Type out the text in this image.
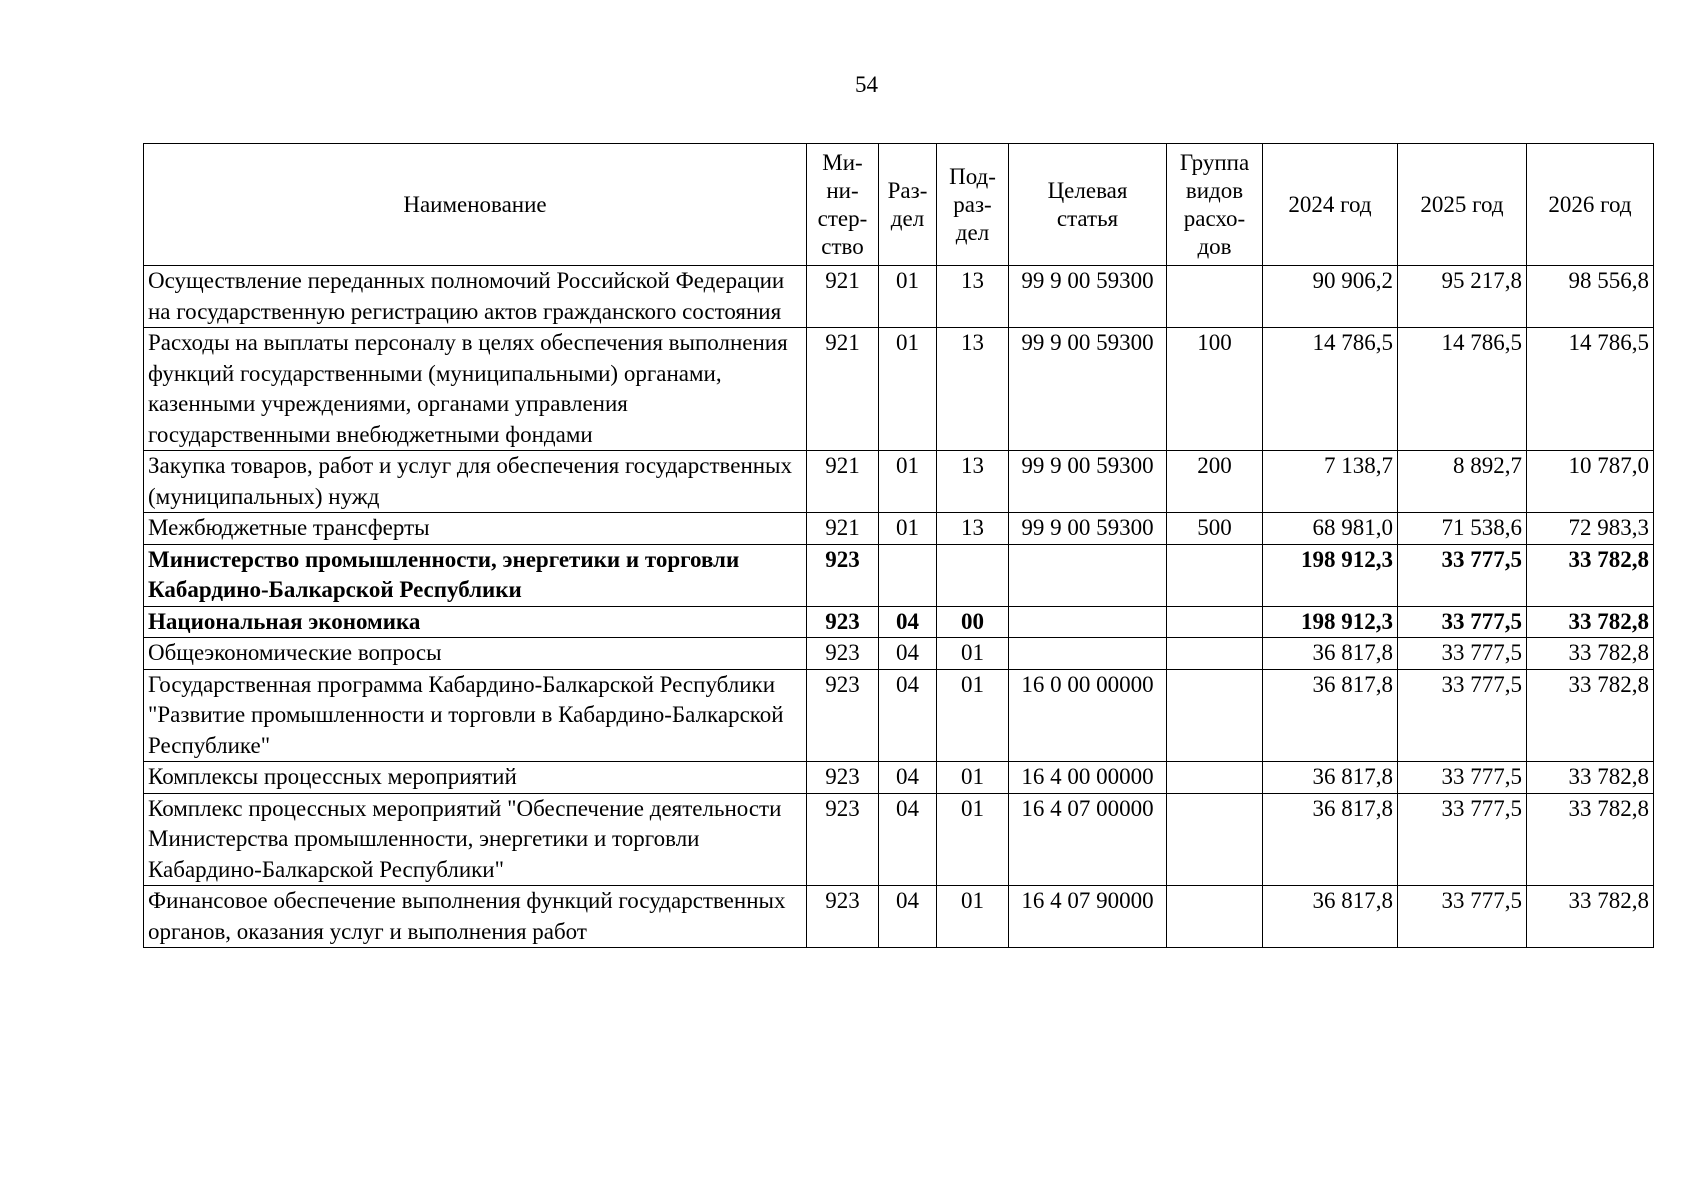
54
Наименование	Ми-
ни-
стер-
ство	Раз-
дел	Под-
раз-
дел	Целевая
статья	Группа
видов
расхо-
дов	2024 год	2025 год	2026 год
Осуществление переданных полномочий Российской Федерации на государственную регистрацию актов гражданского состояния	921	01	13	99 9 00 59300		90 906,2	95 217,8	98 556,8
Расходы на выплаты персоналу в целях обеспечения выполнения функций государственными (муниципальными) органами, казенными учреждениями, органами управления государственными внебюджетными фондами	921	01	13	99 9 00 59300	100	14 786,5	14 786,5	14 786,5
Закупка товаров, работ и услуг для обеспечения государственных (муниципальных) нужд	921	01	13	99 9 00 59300	200	7 138,7	8 892,7	10 787,0
Межбюджетные трансферты	921	01	13	99 9 00 59300	500	68 981,0	71 538,6	72 983,3
Министерство промышленности, энергетики и торговли Кабардино-Балкарской Республики	923					198 912,3	33 777,5	33 782,8
Национальная экономика	923	04	00			198 912,3	33 777,5	33 782,8
Общеэкономические вопросы	923	04	01			36 817,8	33 777,5	33 782,8
Государственная программа Кабардино-Балкарской Республики "Развитие промышленности и торговли в Кабардино-Балкарской Республике"	923	04	01	16 0 00 00000		36 817,8	33 777,5	33 782,8
Комплексы процессных мероприятий	923	04	01	16 4 00 00000		36 817,8	33 777,5	33 782,8
Комплекс процессных мероприятий "Обеспечение деятельности Министерства промышленности, энергетики и торговли Кабардино-Балкарской Республики"	923	04	01	16 4 07 00000		36 817,8	33 777,5	33 782,8
Финансовое обеспечение выполнения функций государственных органов, оказания услуг и выполнения работ	923	04	01	16 4 07 90000		36 817,8	33 777,5	33 782,8
